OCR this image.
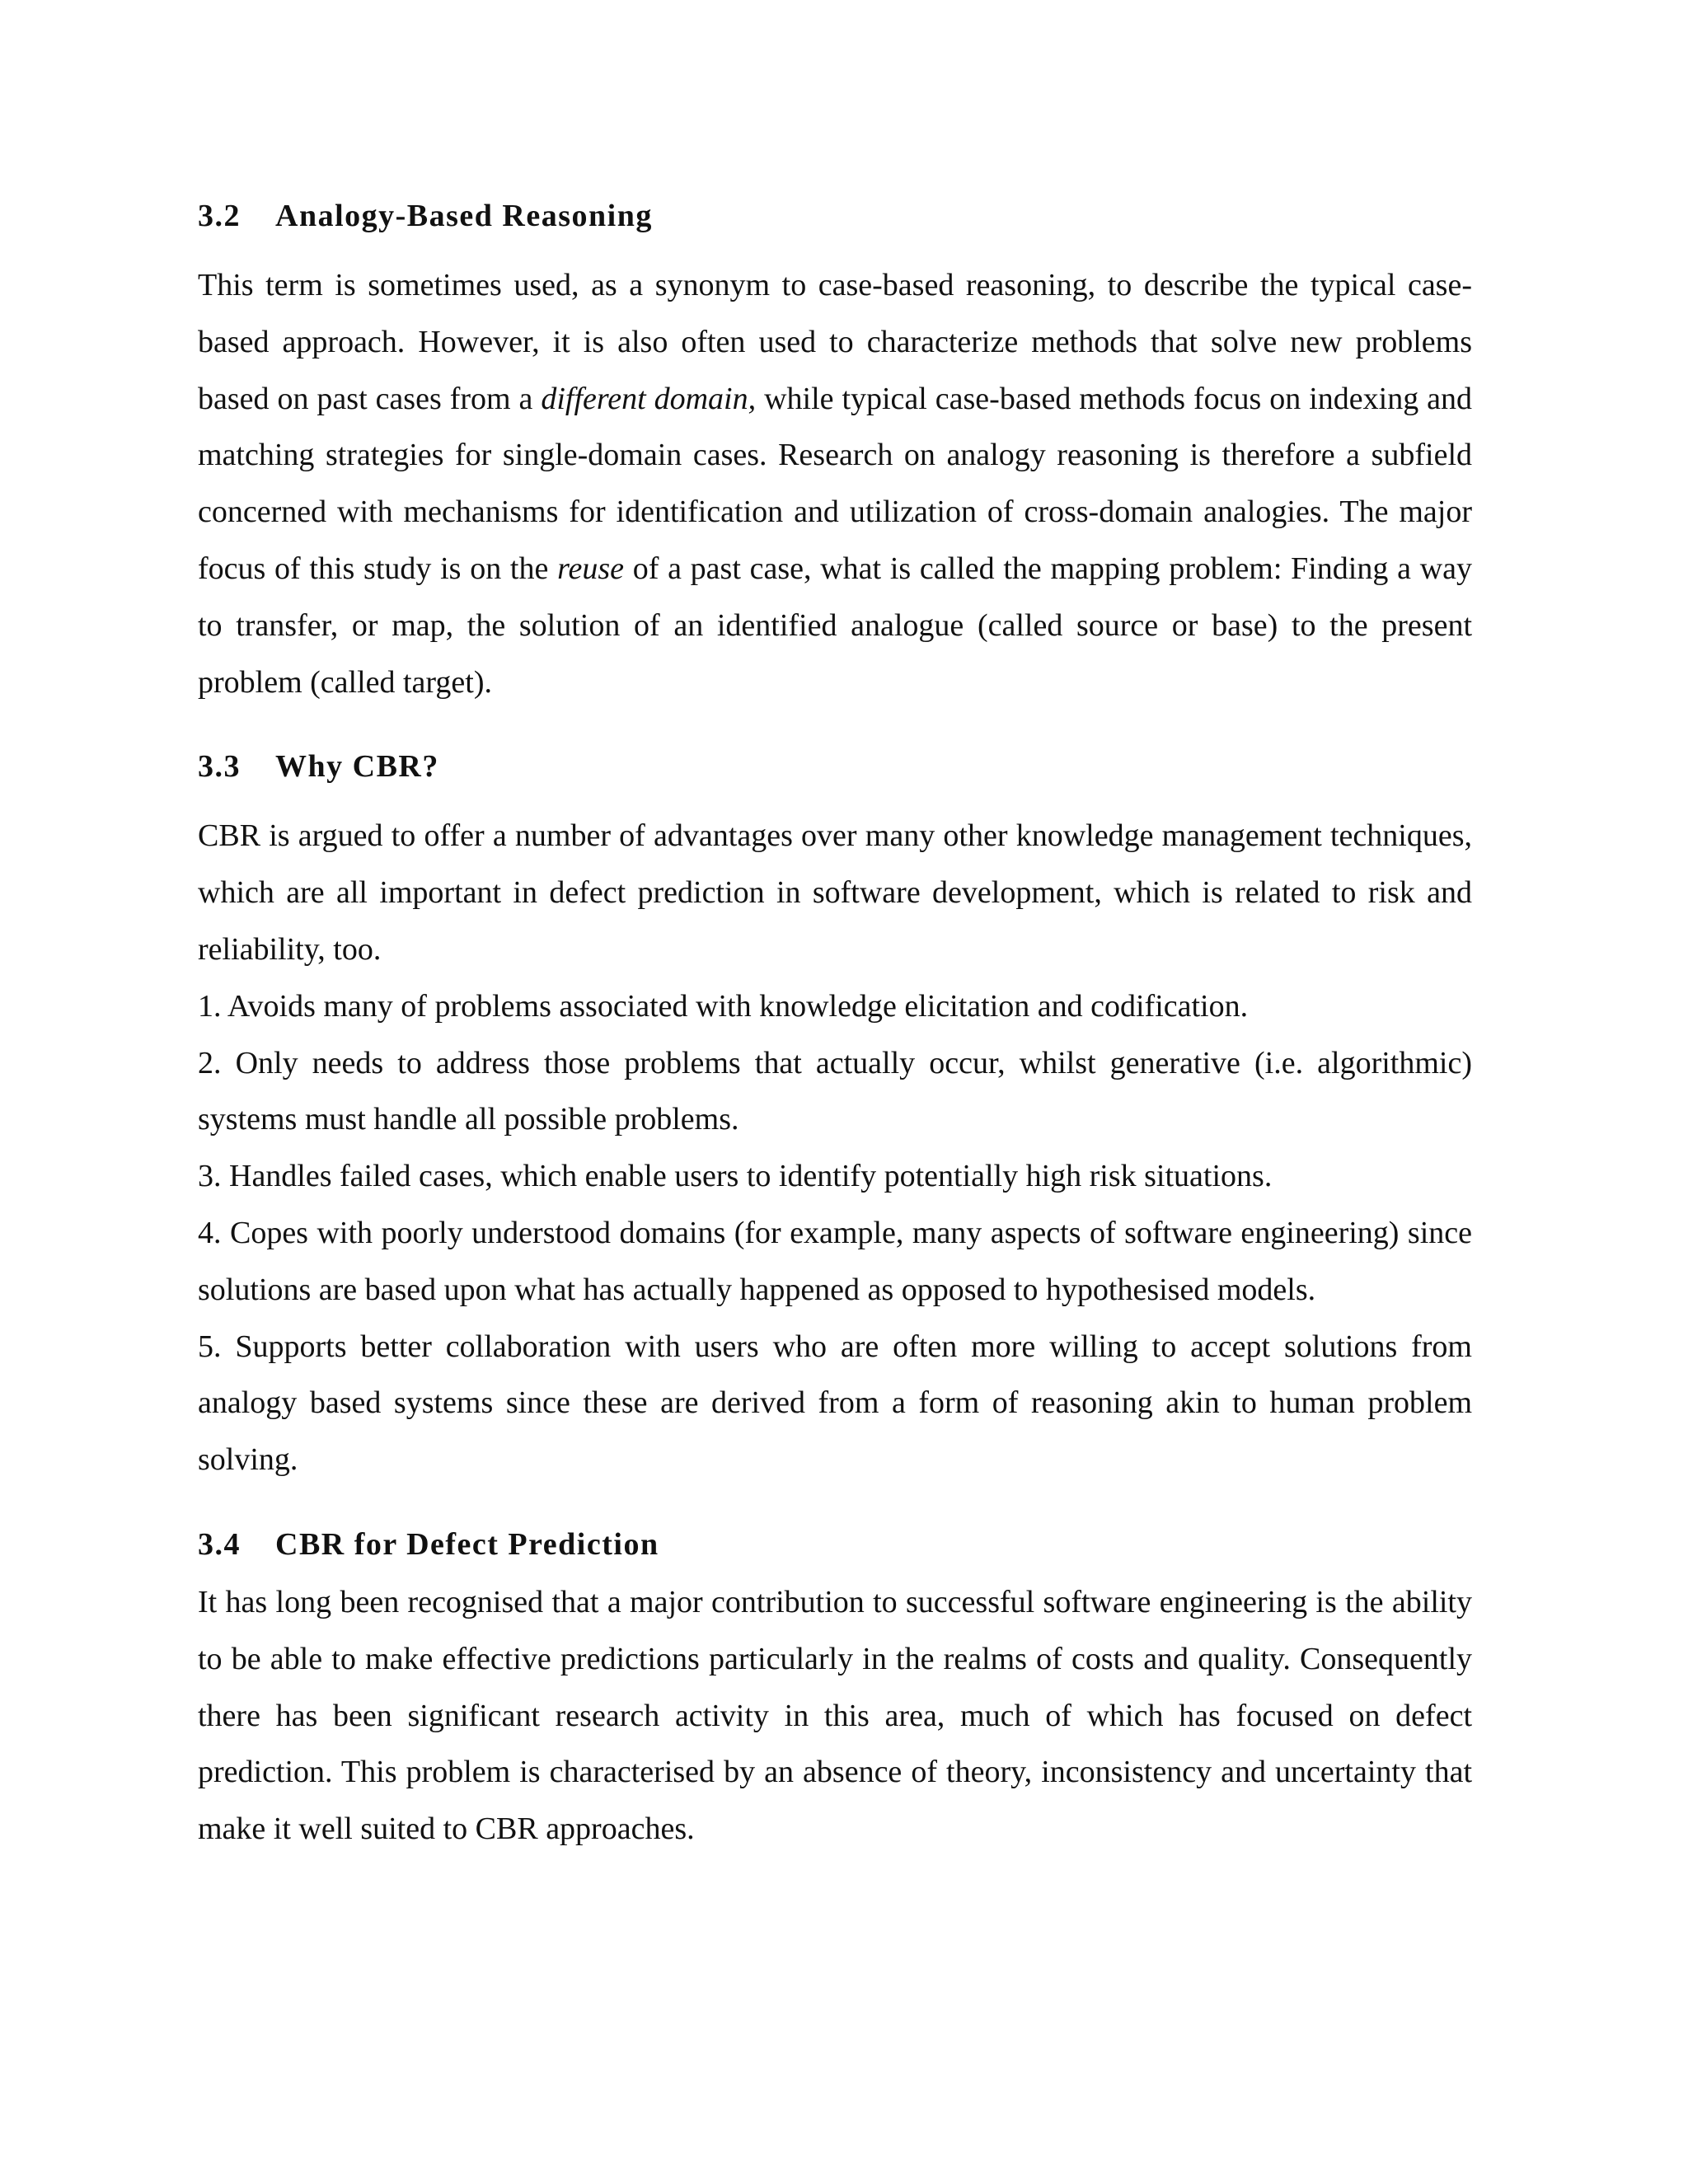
3.2 Analogy-Based Reasoning

This term is sometimes used, as a synonym to case-based reasoning, to describe the typical case-based approach. However, it is also often used to characterize methods that solve new problems based on past cases from a different domain, while typical case-based methods focus on indexing and matching strategies for single-domain cases. Research on analogy reasoning is therefore a subfield concerned with mechanisms for identification and utilization of cross-domain analogies. The major focus of this study is on the reuse of a past case, what is called the mapping problem: Finding a way to transfer, or map, the solution of an identified analogue (called source or base) to the present problem (called target).

3.3 Why CBR?

CBR is argued to offer a number of advantages over many other knowledge management techniques, which are all important in defect prediction in software development, which is related to risk and reliability, too.

1. Avoids many of problems associated with knowledge elicitation and codification.

2. Only needs to address those problems that actually occur, whilst generative (i.e. algorithmic) systems must handle all possible problems.

3. Handles failed cases, which enable users to identify potentially high risk situations.

4. Copes with poorly understood domains (for example, many aspects of software engineering) since solutions are based upon what has actually happened as opposed to hypothesised models.

5. Supports better collaboration with users who are often more willing to accept solutions from analogy based systems since these are derived from a form of reasoning akin to human problem solving.

3.4 CBR for Defect Prediction

It has long been recognised that a major contribution to successful software engineering is the ability to be able to make effective predictions particularly in the realms of costs and quality. Consequently there has been significant research activity in this area, much of which has focused on defect prediction. This problem is characterised by an absence of theory, inconsistency and uncertainty that make it well suited to CBR approaches.
